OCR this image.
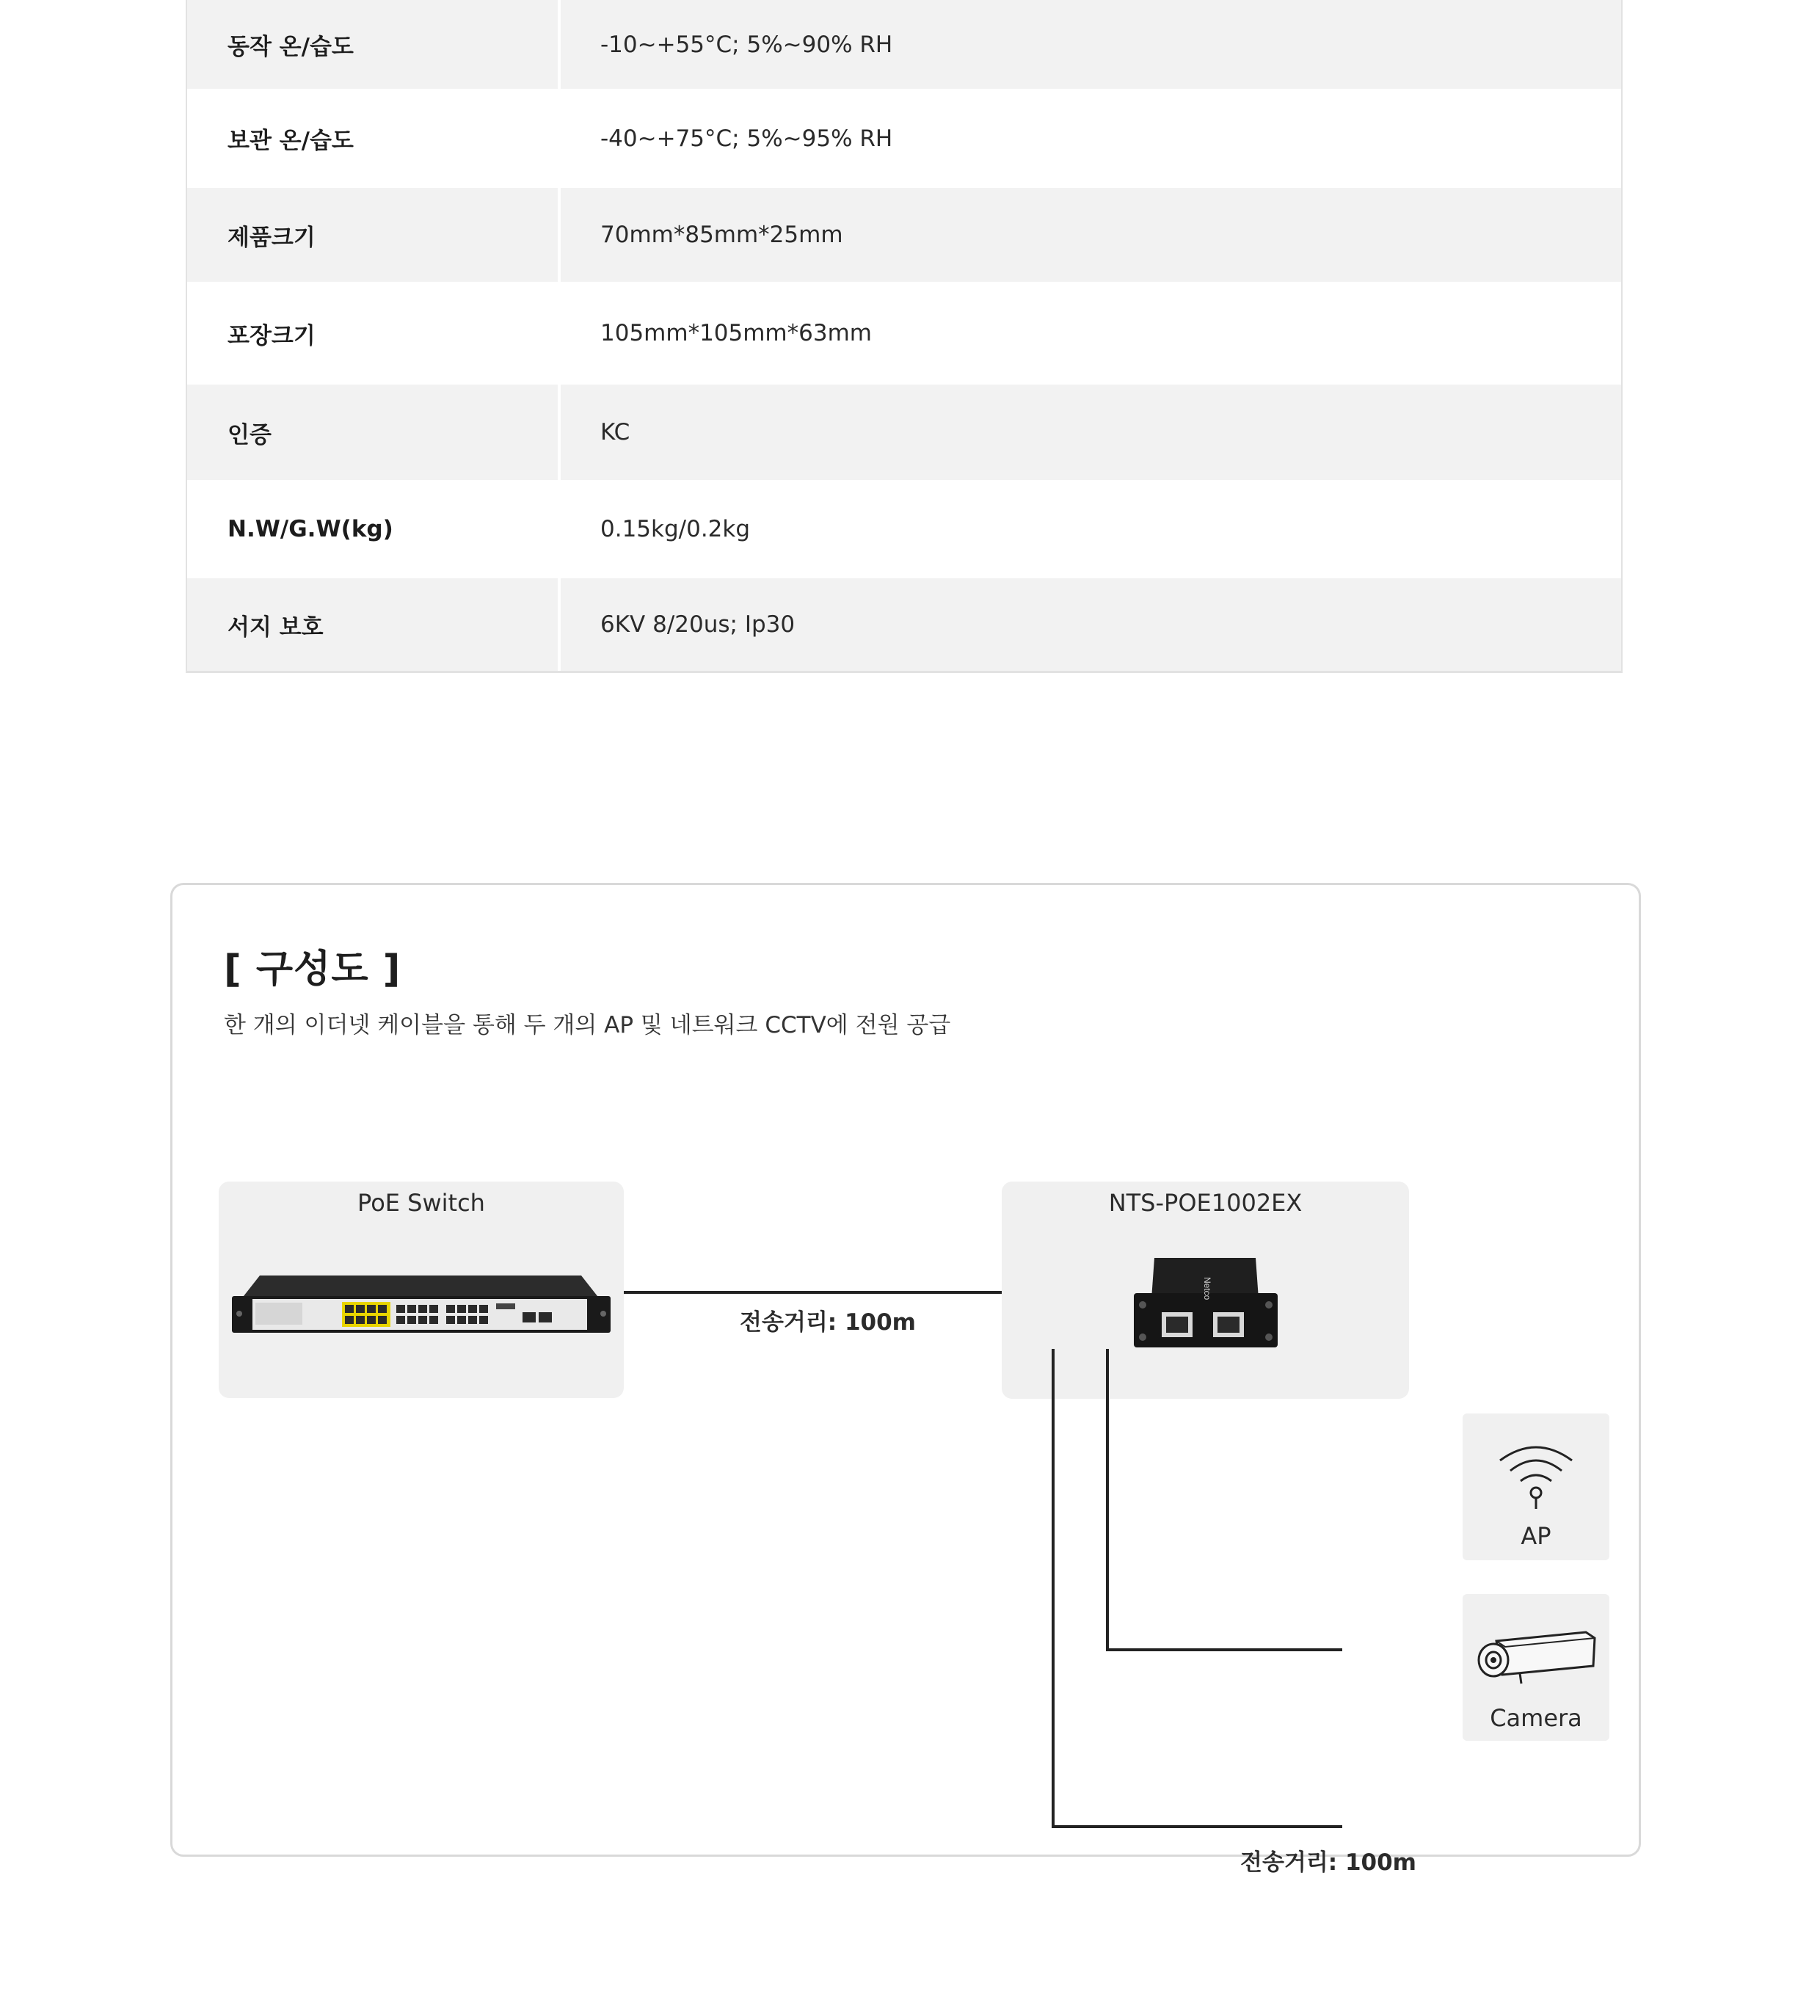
동작 온/습도	-10~+55°C; 5%~90% RH
보관 온/습도	-40~+75°C; 5%~95% RH
제품크기	70mm*85mm*25mm
포장크기	105mm*105mm*63mm
인증	KC
N.W/G.W(kg)	0.15kg/0.2kg
서지 보호	6KV 8/20us; Ip30
[ 구성도 ]

한 개의 이더넷 케이블을 통해 두 개의 AP 및 네트워크 CCTV에 전원 공급

PoE Switch
전송거리: 100m
NTS-POE1002EX
Netco
전송거리: 100m
AP
Camera
